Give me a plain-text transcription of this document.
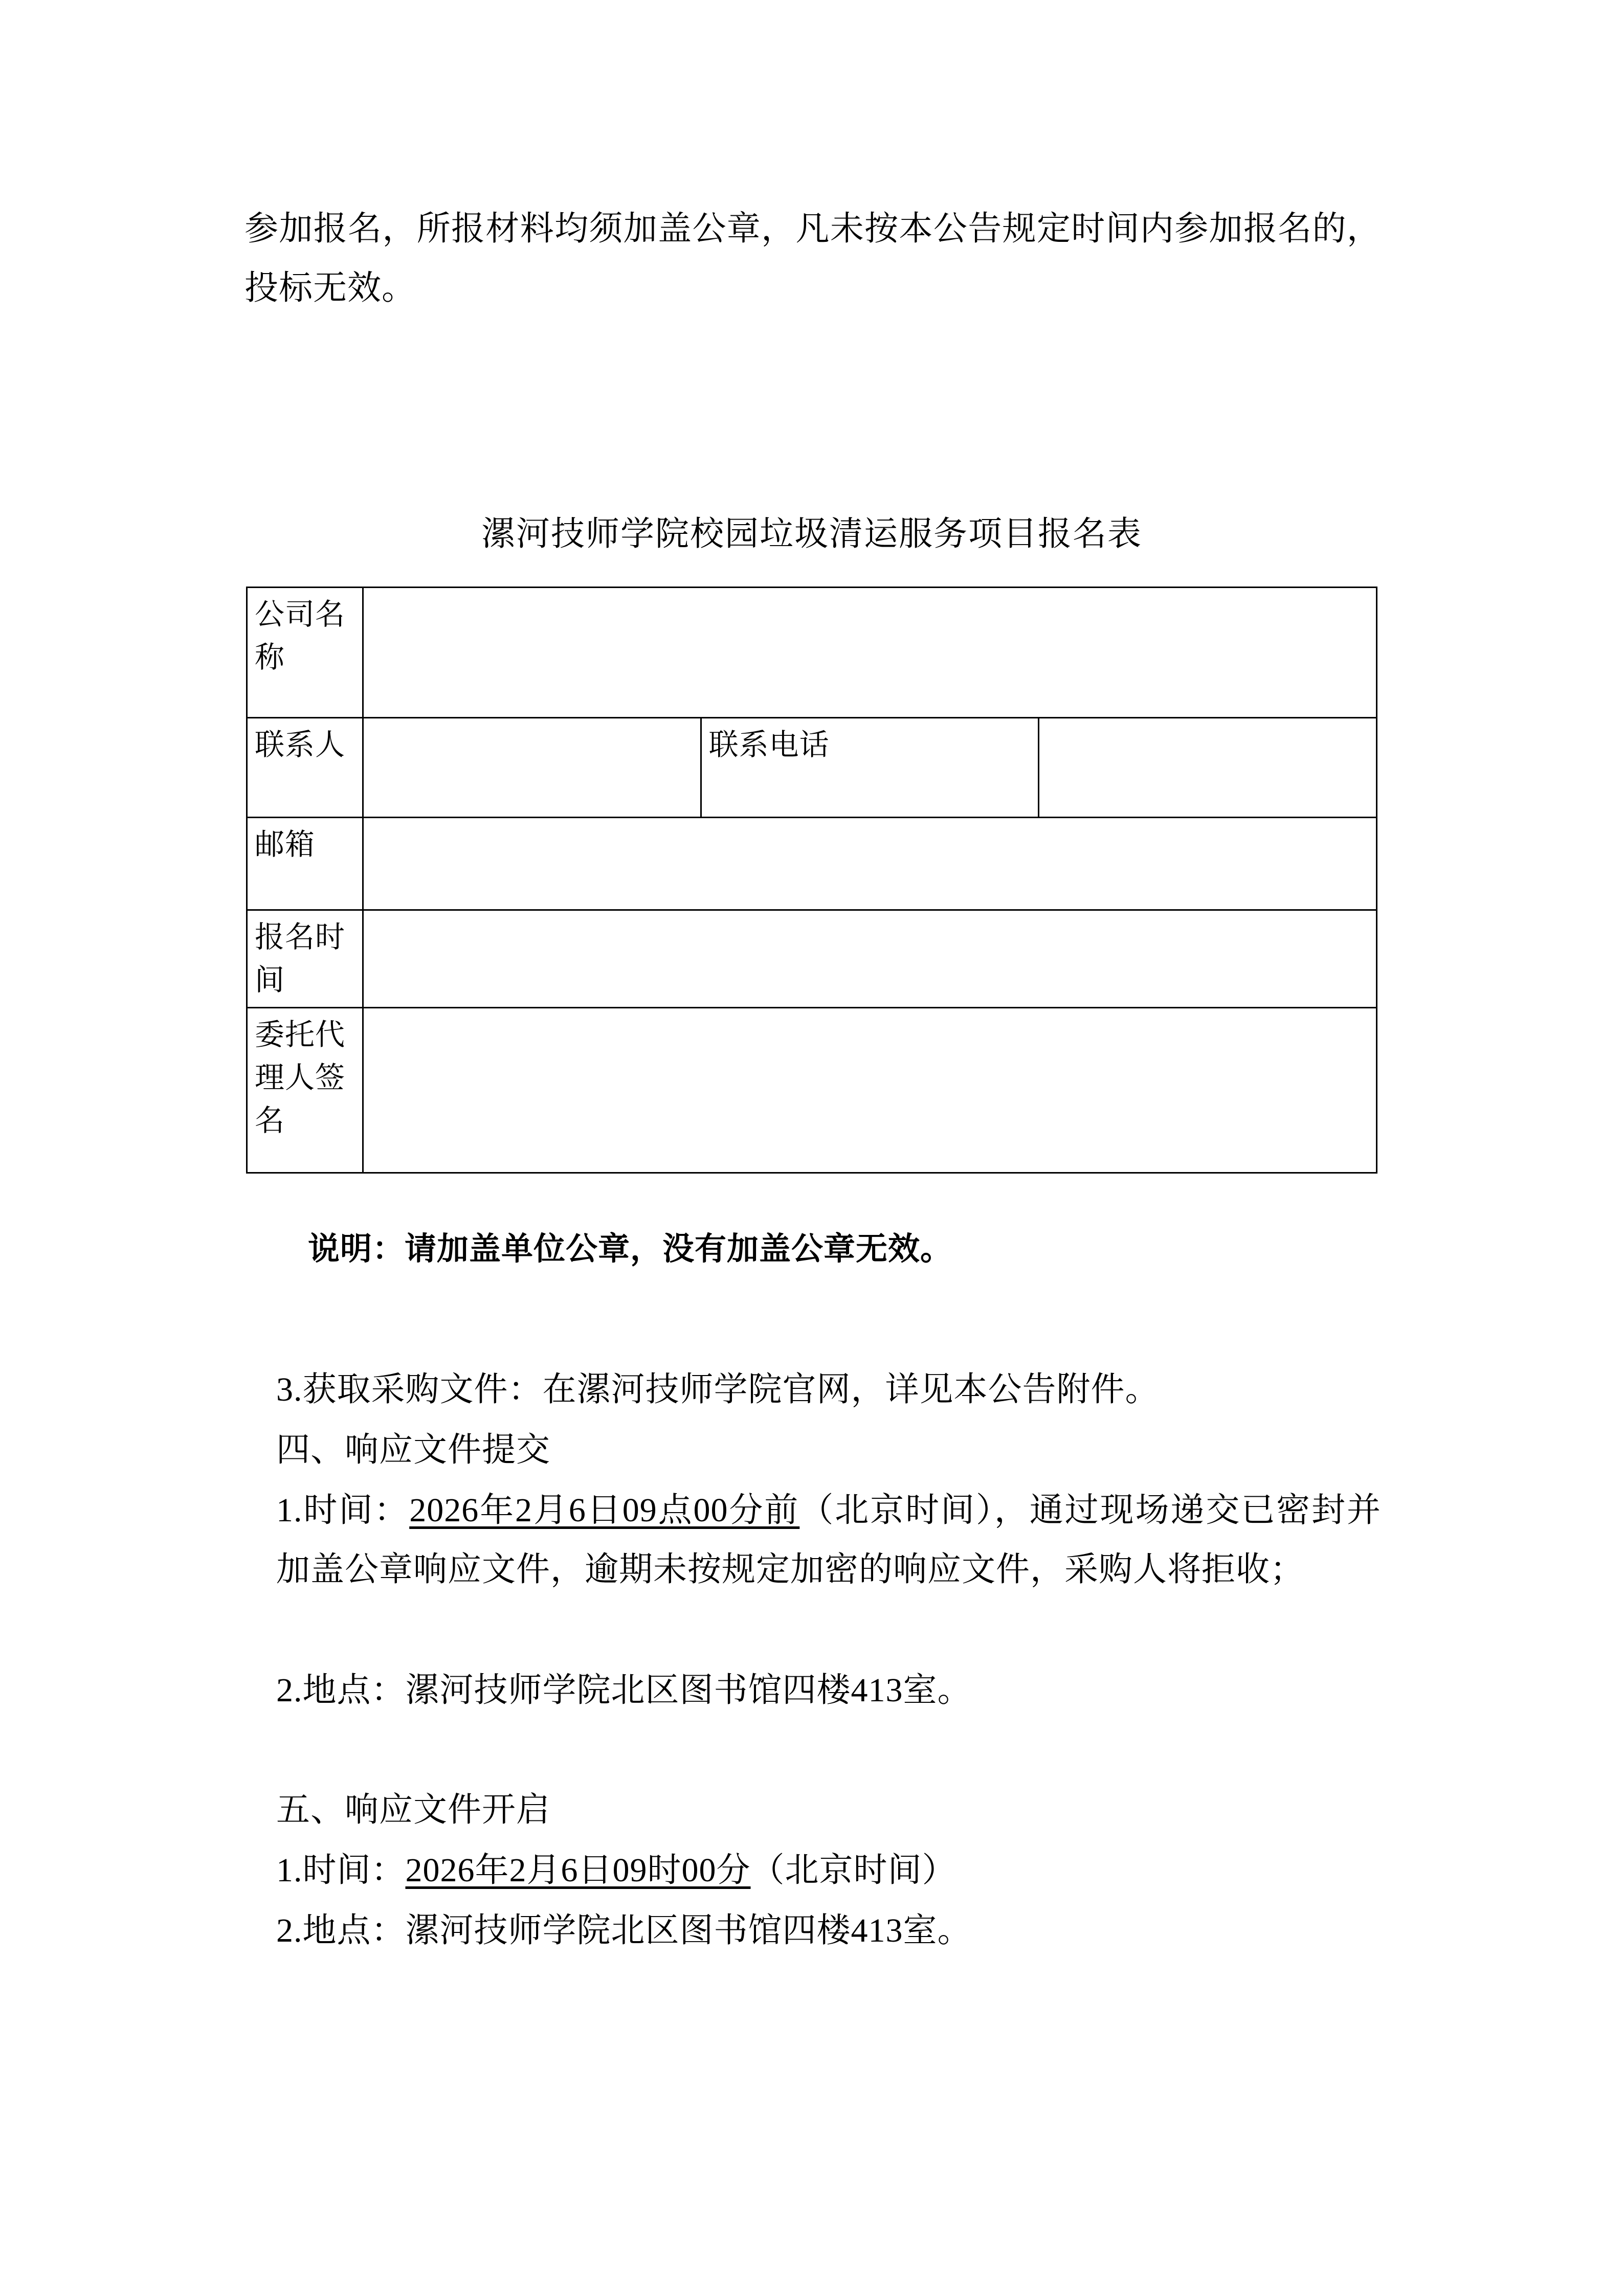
参加报名，所报材料均须加盖公章，凡未按本公告规定时间内参加报名的，投标无效。
漯河技师学院校园垃圾清运服务项目报名表
公司名称			
联系人		联系电话	
邮箱			
报名时间			
委托代理人签名			
说明：请加盖单位公章，没有加盖公章无效。
3.获取采购文件：在漯河技师学院官网，详见本公告附件。
四、响应文件提交
1.时间：2026年2月6日09点00分前（北京时间），通过现场递交已密封并加盖公章响应文件，逾期未按规定加密的响应文件，采购人将拒收；
2.地点：漯河技师学院北区图书馆四楼413室。
五、响应文件开启
1.时间：2026年2月6日09时00分（北京时间）
2.地点：漯河技师学院北区图书馆四楼413室。
